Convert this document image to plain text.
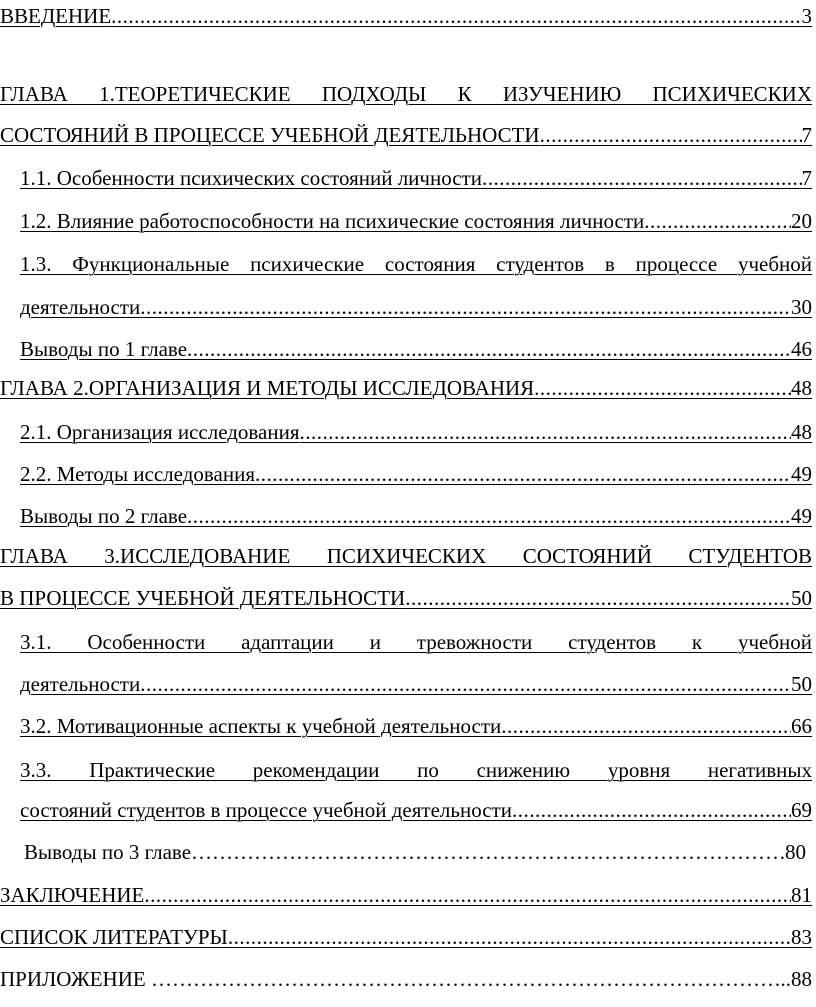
ВВЕДЕНИЕ .....	3
ГЛАВА 1.ТЕОРЕТИЧЕСКИЕ ПОДХОДЫ К ИЗУЧЕНИЮ ПСИХИЧЕСКИХ
СОСТОЯНИЙ В ПРОЦЕССЕ УЧЕБНОЙ ДЕЯТЕЛЬНОСТИ .....	7
1.1. Особенности психических состояний личности .....	7
1.2. Влияние работоспособности на психические состояния личности .....	20
1.3. Функциональные психические состояния студентов в процессе учебной
деятельности .....	30
Выводы по 1 главе .....	46
ГЛАВА 2.ОРГАНИЗАЦИЯ И МЕТОДЫ ИССЛЕДОВАНИЯ .....	48
2.1. Организация исследования .....	48
2.2. Методы исследования .....	49
Выводы по 2 главе .....	49
ГЛАВА 3.ИССЛЕДОВАНИЕ ПСИХИЧЕСКИХ СОСТОЯНИЙ СТУДЕНТОВ
В ПРОЦЕССЕ УЧЕБНОЙ ДЕЯТЕЛЬНОСТИ .....	50
3.1. Особенности адаптации и тревожности студентов к учебной
деятельности .....	50
3.2. Мотивационные аспекты к учебной деятельности .....	66
3.3. Практические рекомендации по снижению уровня негативных
состояний студентов в процессе учебной деятельности .....	69
Выводы по 3 главе …………………………………………………………………………………………………………………………	.80
ЗАКЛЮЧЕНИЕ .....	81
СПИСОК ЛИТЕРАТУРЫ .....	83
ПРИЛОЖЕНИЕ …………………………………………………………………………………………………………………………	..88
